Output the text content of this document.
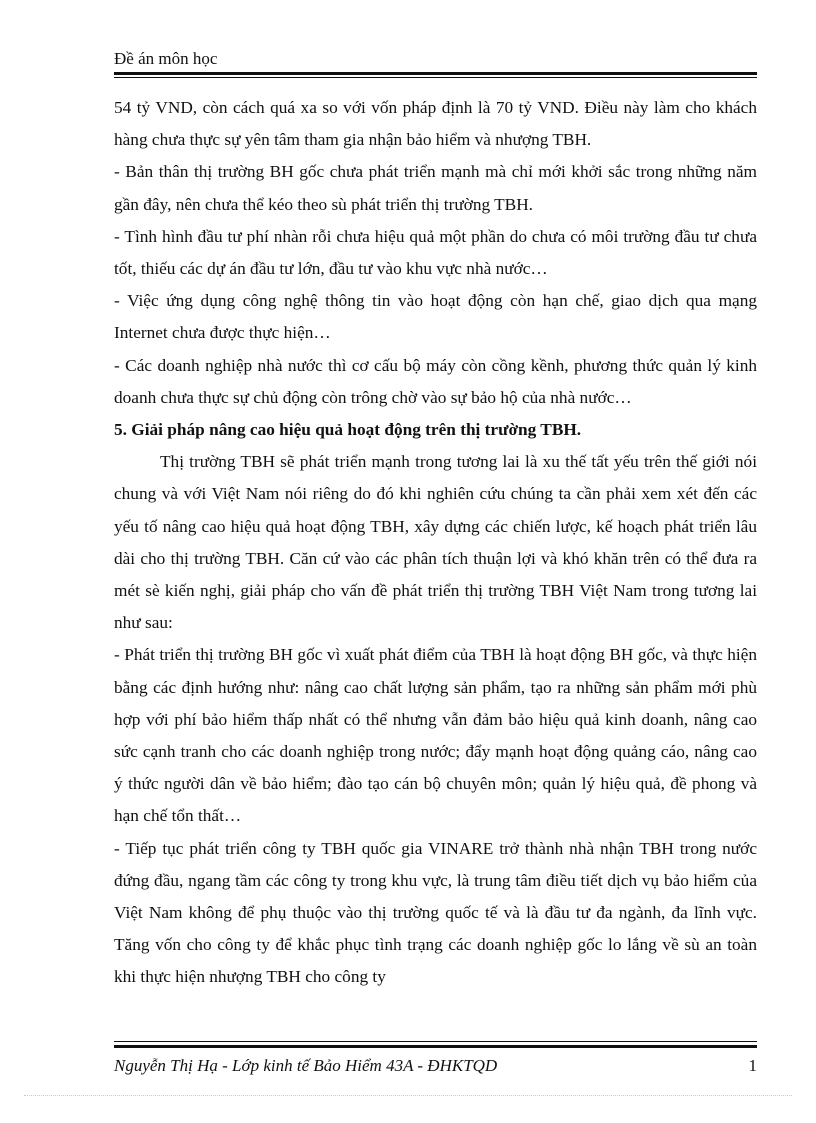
Đề án môn học

54 tỷ VND, còn cách quá xa so với vốn pháp định là 70 tỷ VND. Điều này làm cho khách hàng chưa thực sự yên tâm tham gia nhận bảo hiểm và nhượng TBH.

- Bản thân thị trường BH gốc chưa phát triển mạnh mà chỉ mới khởi sắc trong những năm gần đây, nên chưa thể kéo theo sù phát triển thị trường TBH.

- Tình hình đầu tư phí nhàn rỗi chưa hiệu quả một phần do chưa có môi trường đầu tư chưa tốt, thiếu các dự án đầu tư lớn, đầu tư vào khu vực nhà nước…

- Việc ứng dụng công nghệ thông tin vào hoạt động còn hạn chế, giao dịch qua mạng Internet chưa được thực hiện…

- Các doanh nghiệp nhà nước thì cơ cấu bộ máy còn cồng kềnh, phương thức quản lý kinh doanh chưa thực sự chủ động còn trông chờ vào sự bảo hộ của nhà nước…

5. Giải pháp nâng cao hiệu quả hoạt động trên thị trường TBH.

Thị trường TBH sẽ phát triển mạnh trong tương lai là xu thế tất yếu trên thế giới nói chung và với Việt Nam nói riêng do đó khi nghiên cứu chúng ta cần phải xem xét đến các yếu tố nâng cao hiệu quả hoạt động TBH, xây dựng các chiến lược, kế hoạch phát triển lâu dài cho thị trường TBH. Căn cứ vào các phân tích thuận lợi và khó khăn trên có thể đưa ra mét sè kiến nghị, giải pháp cho vấn đề phát triển thị trường TBH Việt Nam trong tương lai như sau:

- Phát triển thị trường BH gốc vì xuất phát điểm của TBH là hoạt động BH gốc, và thực hiện bằng các định hướng như: nâng cao chất lượng sản phẩm, tạo ra những sản phẩm mới phù hợp với phí bảo hiểm thấp nhất có thể nhưng vẫn đảm bảo hiệu quả kinh doanh, nâng cao sức cạnh tranh cho các doanh nghiệp trong nước; đẩy mạnh hoạt động quảng cáo, nâng cao ý thức người dân về bảo hiểm; đào tạo cán bộ chuyên môn; quản lý hiệu quả, đề phong và hạn chế tổn thất…

- Tiếp tục phát triển công ty TBH quốc gia VINARE trở thành nhà nhận TBH trong nước đứng đầu, ngang tầm các công ty trong khu vực, là trung tâm điều tiết dịch vụ bảo hiểm của Việt Nam không để phụ thuộc vào thị trường quốc tế và là đầu tư đa ngành, đa lĩnh vực. Tăng vốn cho công ty để khắc phục tình trạng các doanh nghiệp gốc lo lắng về sù an toàn khi thực hiện nhượng TBH cho công ty

Nguyễn Thị Hạ - Lớp kinh tế Bảo Hiểm 43A - ĐHKTQD	1
